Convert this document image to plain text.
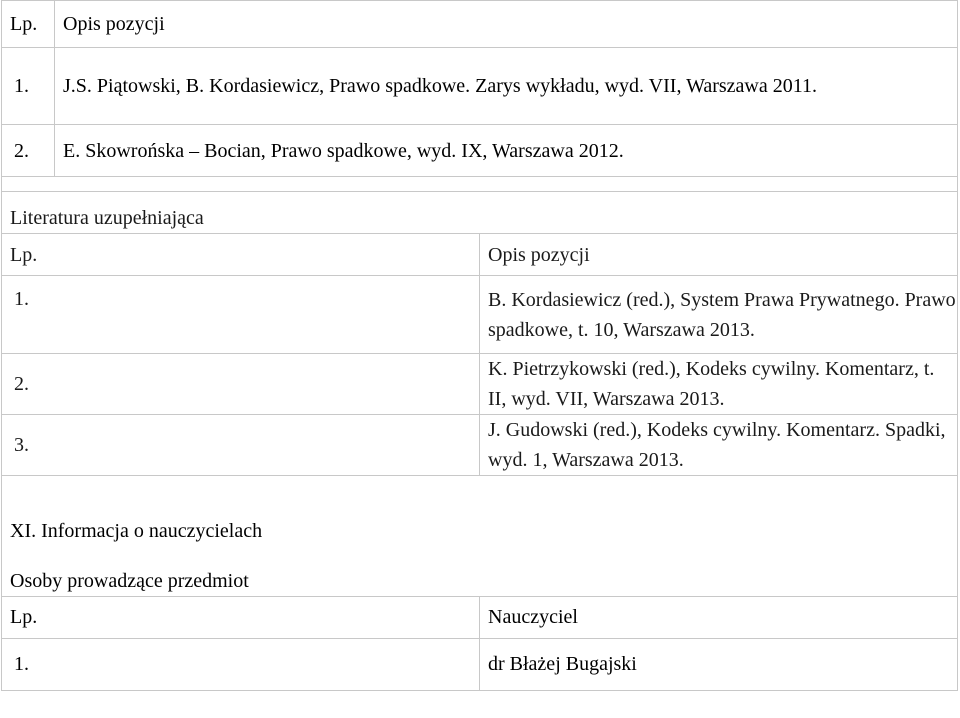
Lp.	Opis pozycji
1.	J.S. Piątowski, B. Kordasiewicz, Prawo spadkowe. Zarys wykładu, wyd. VII, Warszawa 2011.
2.	E. Skowrońska – Bocian, Prawo spadkowe, wyd. IX, Warszawa 2012.
Literatura uzupełniająca	
Lp.	Opis pozycji
1.	B. Kordasiewicz (red.), System Prawa Prywatnego. Prawo spadkowe, t. 10, Warszawa 2013.
2.	K. Pietrzykowski (red.), Kodeks cywilny. Komentarz, t. II, wyd. VII, Warszawa 2013.
3.	J. Gudowski (red.), Kodeks cywilny. Komentarz. Spadki, wyd. 1, Warszawa 2013.
XI. Informacja o nauczycielach	
Osoby prowadzące przedmiot	
Lp.	Nauczyciel
1.	dr Błażej Bugajski
